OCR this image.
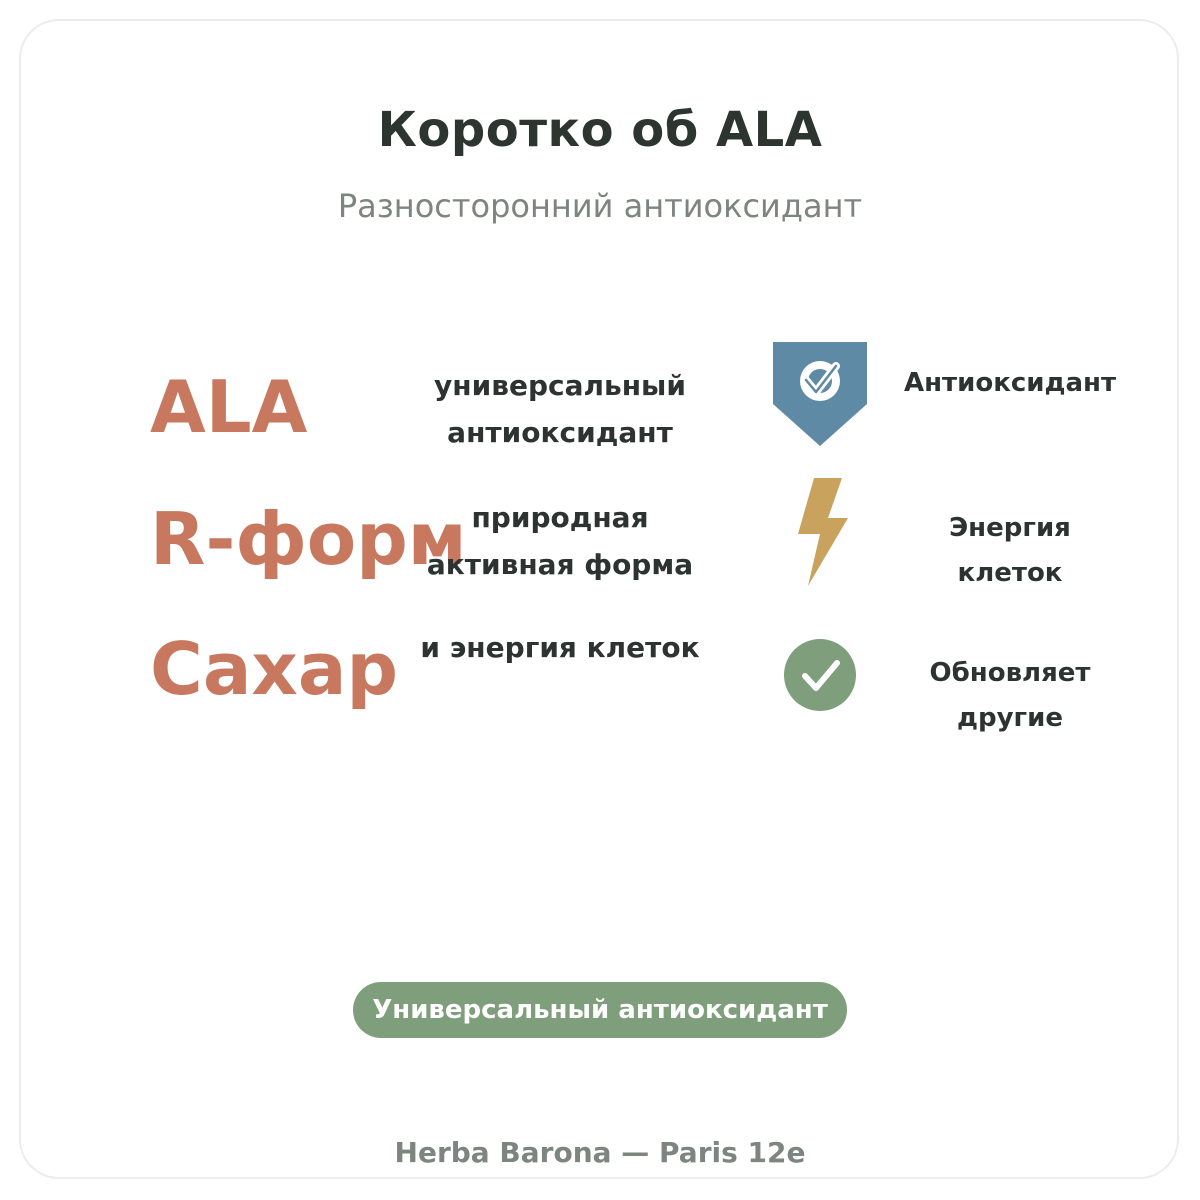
Коротко об ALA
Разносторонний антиоксидант
ALA	универсальный антиоксидант
Антиоксидант
R-форм природная активная форма
Энергия клеток
Сахар и энергия клеток
Обновляет другие
Универсальный антиоксидант
Herba Barona — Paris 12e
